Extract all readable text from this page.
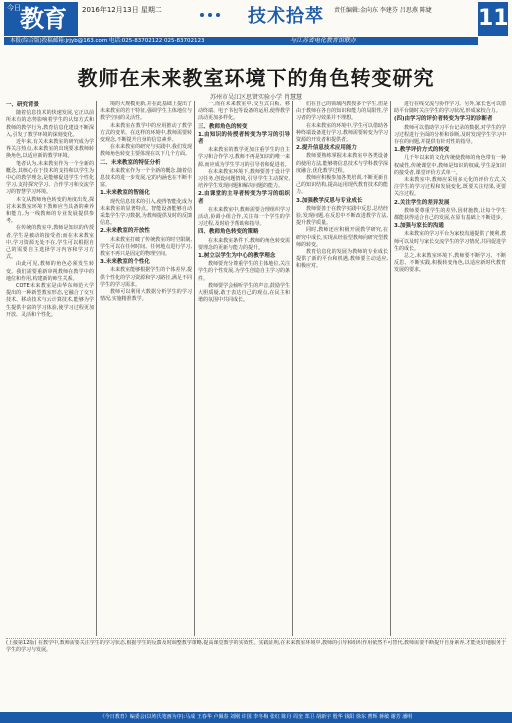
今日 教育 2016年12月13日 星期二	技术拾萃 责任编辑:金向东 李建芬 吕思燕 陈婕 11
本报(综合版)投稿邮箱:jrjyb@163.com 电话:025-83702122 025-83702123	与江苏省电化教育馆联办
教师在未来教室环境下的角色转变研究
苏州市吴江区思贤实验小学 肖慧慧
一、研究背景

随着信息技术的快速发展,它正以前所未有的态势影响着学生的认知方式和教师的教学行为,教育信息化建设不断深入,引发了教学环境的深刻变化。

近年来,有关未来教室的研究成为学界关注热点,未来教室的出现要求教师转换角色,以适应新的教学环境。

笔者认为,未来教室作为一个全新的概念,其核心在于技术的支持和以学生为中心的教学理念,是能够促进学生个性化学习,支持探究学习、合作学习和交流学习的智慧学习环境。

本文从教师角色转变的角度出发,探讨未来教室环境下教师应当具备的素养和能力,为一线教师的专业发展提供参考。

在传统的教室中,教师是知识的传授者,学生是被动的接受者;而在未来教室中,学习资源无处不在,学生可以根据自己的需要自主选择学习内容和学习方式。

由此可见,教师的角色必须发生转变。我们需要重新审视教师在教学中的地位和作用,构建新的师生关系。

COTE未来教室是由华东师范大学提出的一种新型教室形态,它融合了交互技术、移动技术与云计算技术,能够为学生提供丰富的学习体验,使学习过程更加开放、灵活和个性化。

境的大规模更新,并在此基础上提出了未来教室的若干特征,强调学生主体地位与教学空间的灵活性。

未来教室在教学中的应用推动了教学方式的变革。在这样的环境中,教师需要转变观念,不断提升自身的信息素养。

在未来教室的研究与实践中,我们发现教师角色转变主要体现在以下几个方面。

二、未来教室的特征分析

未来教室作为一个全新的概念,随着信息技术的进一步发展,它的内涵也在不断丰富。

1.未来教室的智能化

现代信息技术的引入,使得智能化成为未来教室的显著特点。智能设备能够自动采集学生学习数据,为教师提供及时的反馈信息。

2.未来教室的开放性

未来教室打破了传统教室的时空限制,学生可以在任何时间、任何地点进行学习,教室不再只是固定的物理空间。

3.未来教室的个性化

未来教室能够根据学生的个体差异,提供个性化的学习资源和学习路径,满足不同学生的学习需求。

教师可以利用大数据分析学生的学习情况,实施精准教学。

一,而在未来教室中,交互式白板、移动终端、电子书包等设备的运用,使得教学活动更加多样化。

三、教师角色的转变
1.由知识的传授者转变为学习的引导者

未来教室的教学更加注重学生的自主学习和合作学习,教师不再是知识的唯一来源,而应成为学生学习的引导者和促进者。

在未来教室环境下,教师要善于设计学习任务,创设问题情境,引导学生主动探究,培养学生发现问题和解决问题的能力。

2.由课堂的主导者转变为学习的组织者

在未来教室中,教师需要合理组织学习活动,协调小组合作,关注每一个学生的学习过程,及时给予帮助和指导。

四、教师角色转变的策略

在未来教室条件下,教师的角色转变需要理念的更新与能力的提升。

1.树立以学生为中心的教学理念

教师要充分尊重学生的主体地位,关注学生的个性发展,为学生创造自主学习的条件。

教师要学会倾听学生的声音,鼓励学生大胆质疑,敢于表达自己的观点,在民主和谐的氛围中共同成长。

们在自己的领域内教授多个学生,但是由于教师在各自的知识和能力的局限性,学习者的学习效果并不理想。

在未来教室的环境中,学生可以借助各种终端设备进行学习,教师需要转变为学习资源的开发者和提供者。

2.提升信息技术应用能力

教师要熟练掌握未来教室中各类设备的使用方法,能够将信息技术与学科教学深度融合,优化教学过程。

教师应积极参加各类培训,不断更新自己的知识结构,提高运用现代教育技术的能力。

3.加强教学反思与专业成长

教师要善于在教学实践中反思,总结经验,发现问题,在反思中不断改进教学方法,提升教学质量。

同时,教师还应积极开展教学研究,在研究中成长,实现从经验型教师向研究型教师的转变。

教育信息化的发展为教师的专业成长提供了新的平台和机遇,教师要主动适应,积极应对。

进行在线交流与协作学习。另外,家长也可以借助平台随时关注学生的学习状况,形成家校合力。

(四)由学习的评价者转变为学习的诊断者

教师可以借助学习平台记录的数据,对学生的学习过程进行全面的分析和诊断,及时发现学生学习中存在的问题,并提供有针对性的指导。

1.教学评价方式的转变

几千年以来的文化传统使教师的角色带有一种权威性,传统课堂中,教师是知识的权威,学生是知识的接受者,课堂评价方式单一。

未来教室中,教师应采用多元化的评价方式,关注学生的学习过程和发展变化,既要关注结果,更要关注过程。

2.关注学生的差异发展

教师要尊重学生的差异,因材施教,让每个学生都能获得适合自己的发展,在原有基础上不断进步。

3.加强与家长的沟通

未来教室的学习平台为家校沟通提供了便利,教师可以及时与家长交流学生的学习情况,共同促进学生的成长。

总之,未来教室环境下,教师要不断学习、不断反思、不断实践,积极转变角色,以适应新时代教育发展的要求。

(上接第12版) 在教学中,教师需要关注学生的学习状态,根据学生的反馈及时调整教学策略,提高课堂教学的实效性。实践证明,在未来教室环境中,教师的引导和组织作用依然不可替代,教师需要不断提升自身素养,才能更好地服务于学生的学习与发展。
《今日教育》编委会(以姓氏笔画为序):马成 王春华 卢佩春 刘刚 许国 李冬梅 张红 陈丹 周奎 郑卫 胡新宇 殷华 钱阳 徐东 曹辉 蒋敏 谢芳 潘明
